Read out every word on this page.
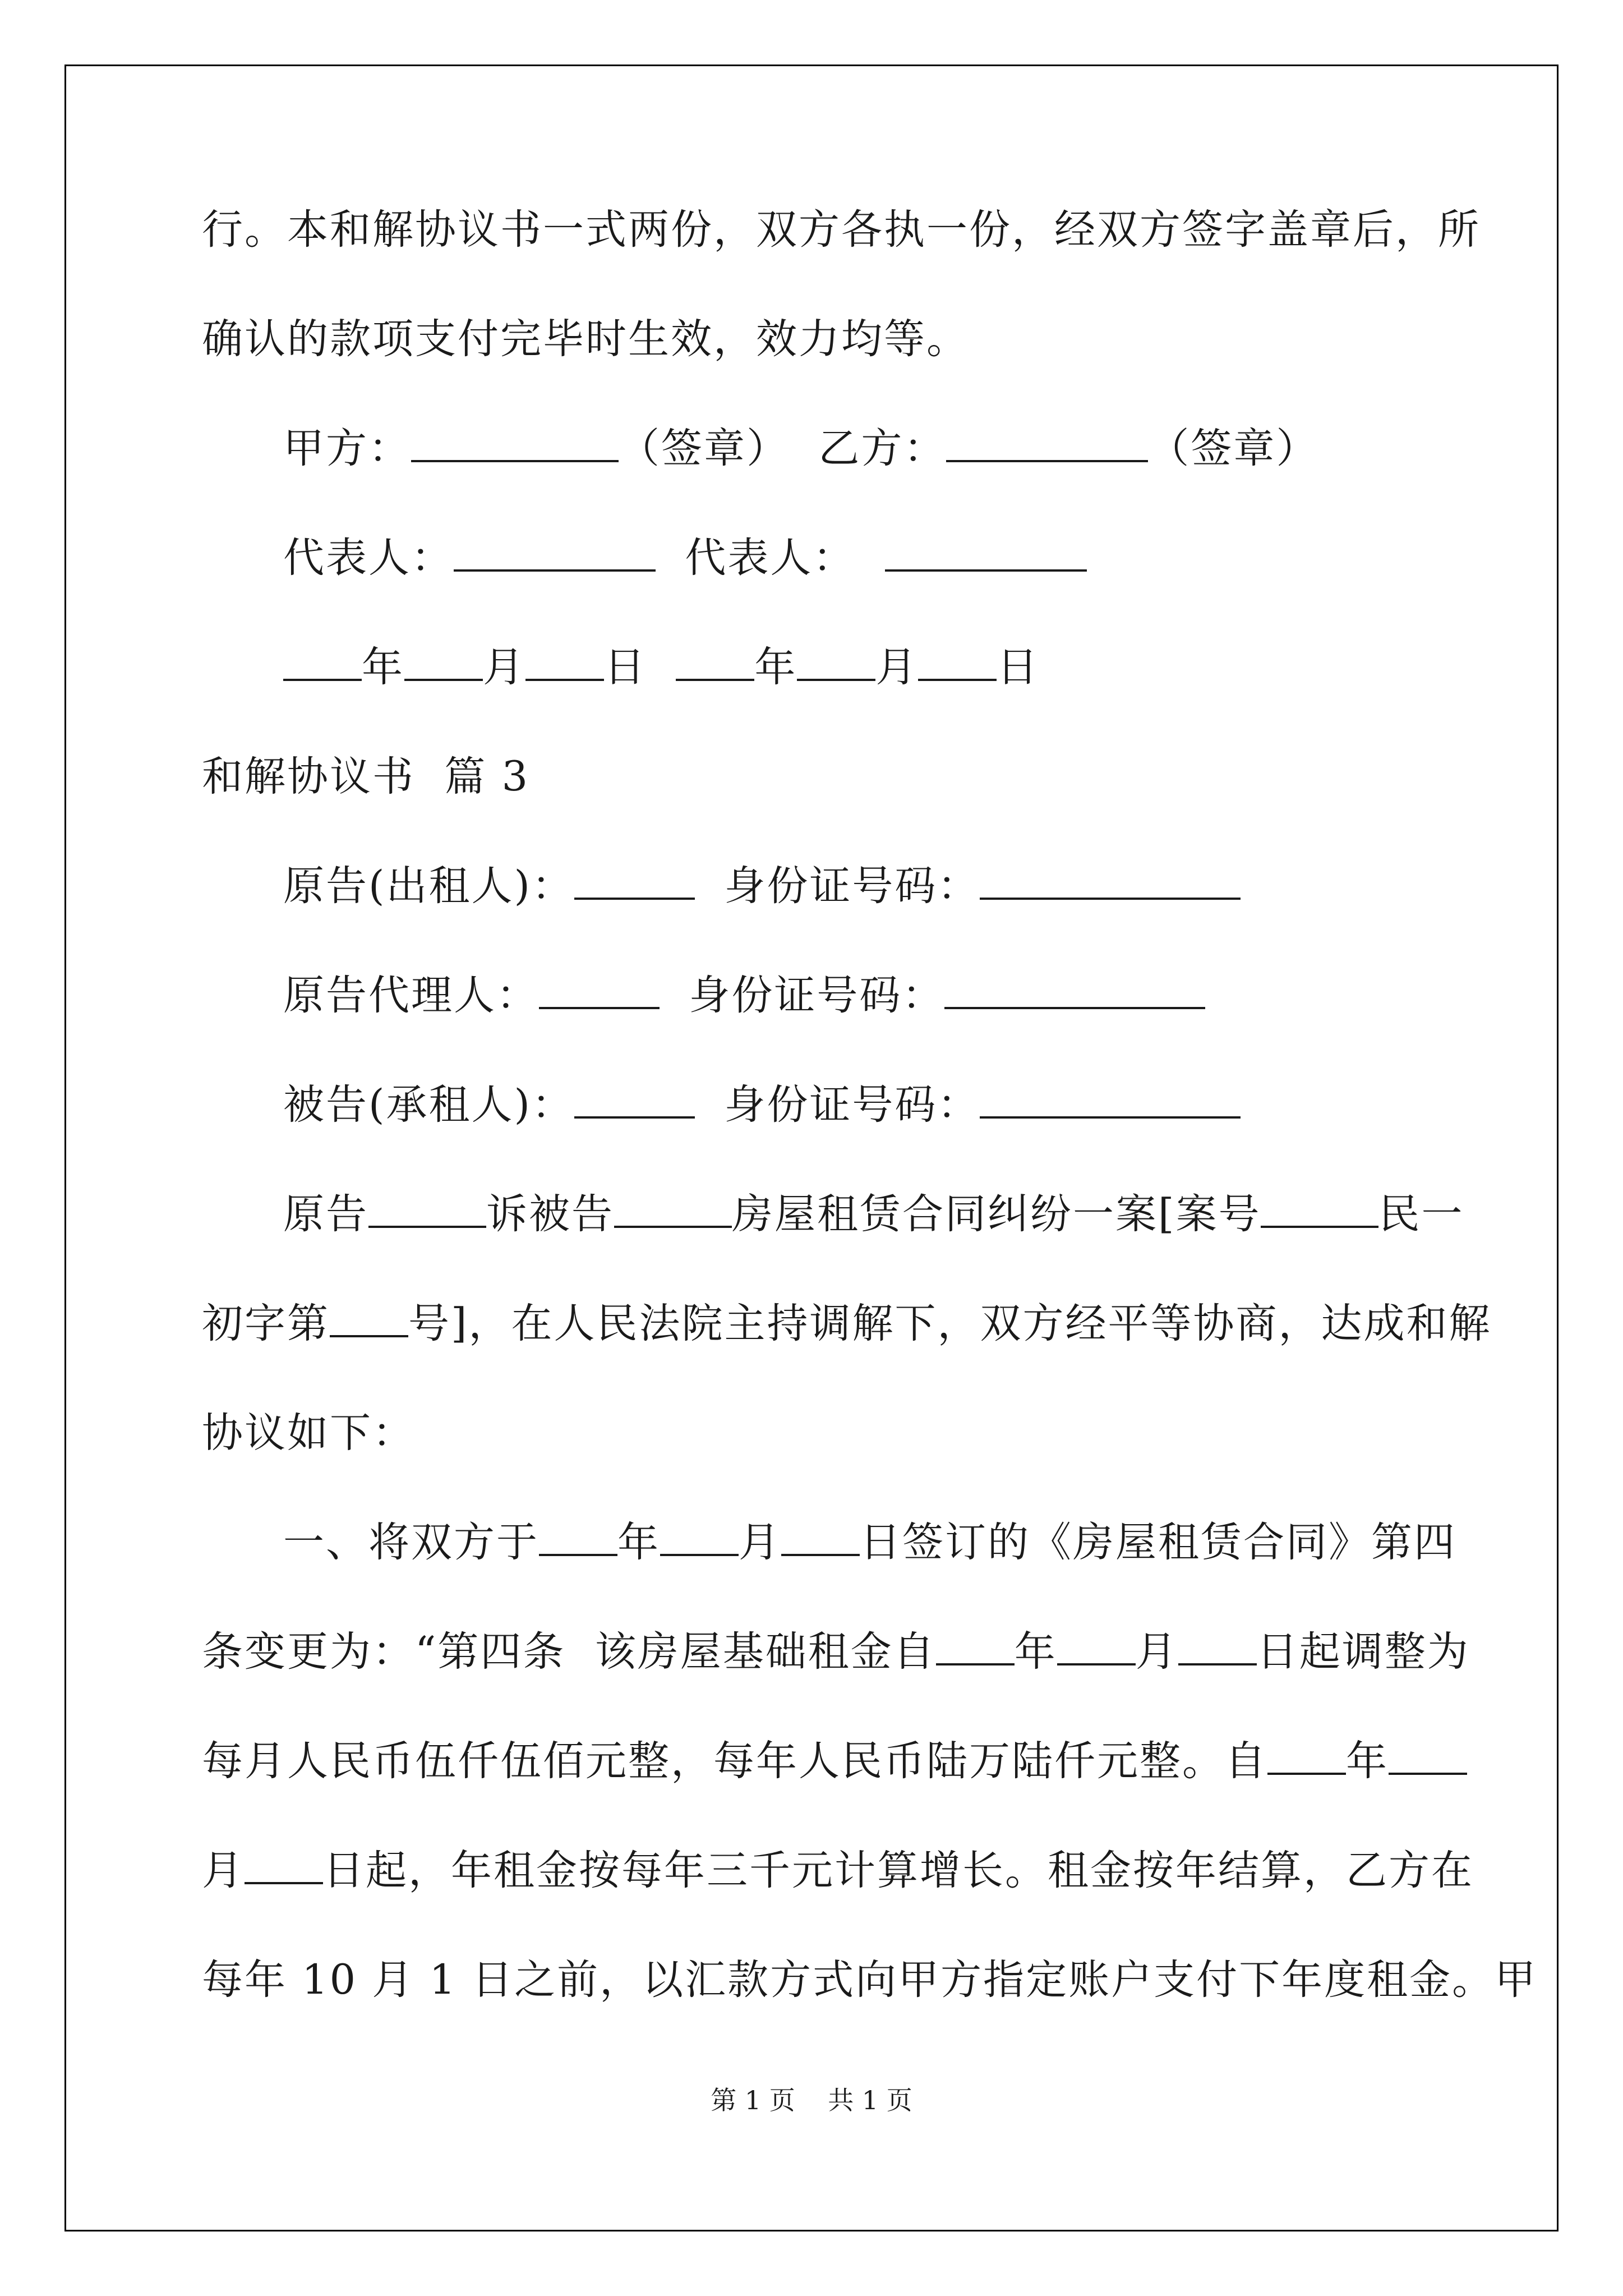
行。本和解协议书一式两份，双方各执一份，经双方签字盖章后，所
确认的款项支付完毕时生效，效力均等。
甲方：	（签章） 乙方：	（签章）
代表人：	代表人：
年 月 日	年 月 日
和解协议书  篇 3
原告(出租人)：	身份证号码：
原告代理人：	身份证号码：
被告(承租人)：	身份证号码：
原告	诉被告	房屋租赁合同纠纷一案[案号	民一
初字第 号]，在人民法院主持调解下，双方经平等协商，达成和解
协议如下：
一、将双方于 年 月 日签订的《房屋租赁合同》第四
条变更为：“第四条  该房屋基础租金自 年 月 日起调整为
每月人民币伍仟伍佰元整，每年人民币陆万陆仟元整。自 年
月 日起，年租金按每年三千元计算增长。租金按年结算，乙方在
每年 10 月 1 日之前，以汇款方式向甲方指定账户支付下年度租金。甲
第 1 页    共 1 页
